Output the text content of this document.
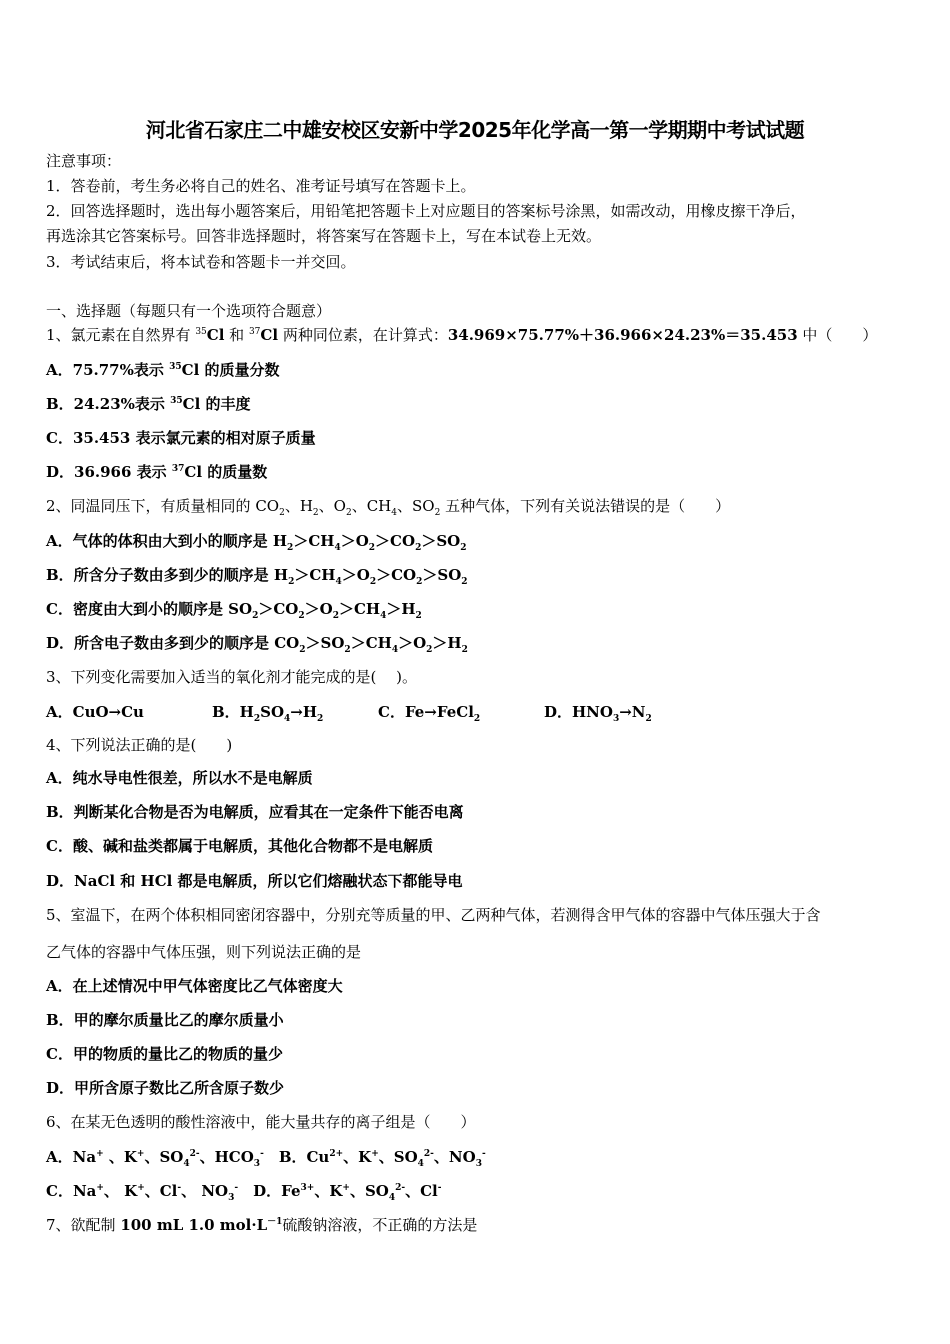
河北省石家庄二中雄安校区安新中学2025年化学高一第一学期期中考试试题
注意事项：
1．答卷前，考生务必将自己的姓名、准考证号填写在答题卡上。
2．回答选择题时，选出每小题答案后，用铅笔把答题卡上对应题目的答案标号涂黑，如需改动，用橡皮擦干净后，
再选涂其它答案标号。回答非选择题时，将答案写在答题卡上，写在本试卷上无效。
3．考试结束后，将本试卷和答题卡一并交回。
一、选择题（每题只有一个选项符合题意）
1、氯元素在自然界有 $^{35}$Cl 和 $^{37}$Cl 两种同位素，在计算式：34.969×75.77%＋36.966×24.23%＝35.453 中（　　）
A．75.77%表示 $^{35}$Cl 的质量分数
B．24.23%表示 $^{35}$Cl 的丰度
C．35.453 表示氯元素的相对原子质量
D．36.966 表示 $^{37}$Cl 的质量数
2、同温同压下，有质量相同的 $CO_2$、$H_2$、$O_2$、$CH_4$、$SO_2$ 五种气体，下列有关说法错误的是（　　）
A．气体的体积由大到小的顺序是 $H_2>CH_4>O_2>CO_2>SO_2$
B．所含分子数由多到少的顺序是 $H_2>CH_4>O_2>CO_2>SO_2$
C．密度由大到小的顺序是 $SO_2>CO_2>O_2>CH_4>H_2$
D．所含电子数由多到少的顺序是 $CO_2>SO_2>CH_4>O_2>H_2$
3、下列变化需要加入适当的氧化剂才能完成的是(　 )。
A．CuO→Cu	B．$H_2SO_4\to H_2$	C．Fe→FeCl$_2$	D．$HNO_3\to N_2$
4、下列说法正确的是(　　)
A．纯水导电性很差，所以水不是电解质
B．判断某化合物是否为电解质，应看其在一定条件下能否电离
C．酸、碱和盐类都属于电解质，其他化合物都不是电解质
D．NaCl 和 HCl 都是电解质，所以它们熔融状态下都能导电
5、室温下，在两个体积相同密闭容器中，分别充等质量的甲、乙两种气体，若测得含甲气体的容器中气体压强大于含
乙气体的容器中气体压强，则下列说法正确的是
A．在上述情况中甲气体密度比乙气体密度大
B．甲的摩尔质量比乙的摩尔质量小
C．甲的物质的量比乙的物质的量少
D．甲所含原子数比乙所含原子数少
6、在某无色透明的酸性溶液中，能大量共存的离子组是（　　）
A．Na+ 、K+、$SO_4^{2-}$、$HCO_3^-$　B．$Cu^{2+}$、K+、$SO_4^{2-}$、$NO_3^-$
C．Na+、 K+、Cl-、 $NO_3^-$　D．$Fe^{3+}$、K+、$SO_4^{2-}$、Cl-
7、欲配制 100 mL 1.0 $mol\cdot L^{-1}$硫酸钠溶液，不正确的方法是
